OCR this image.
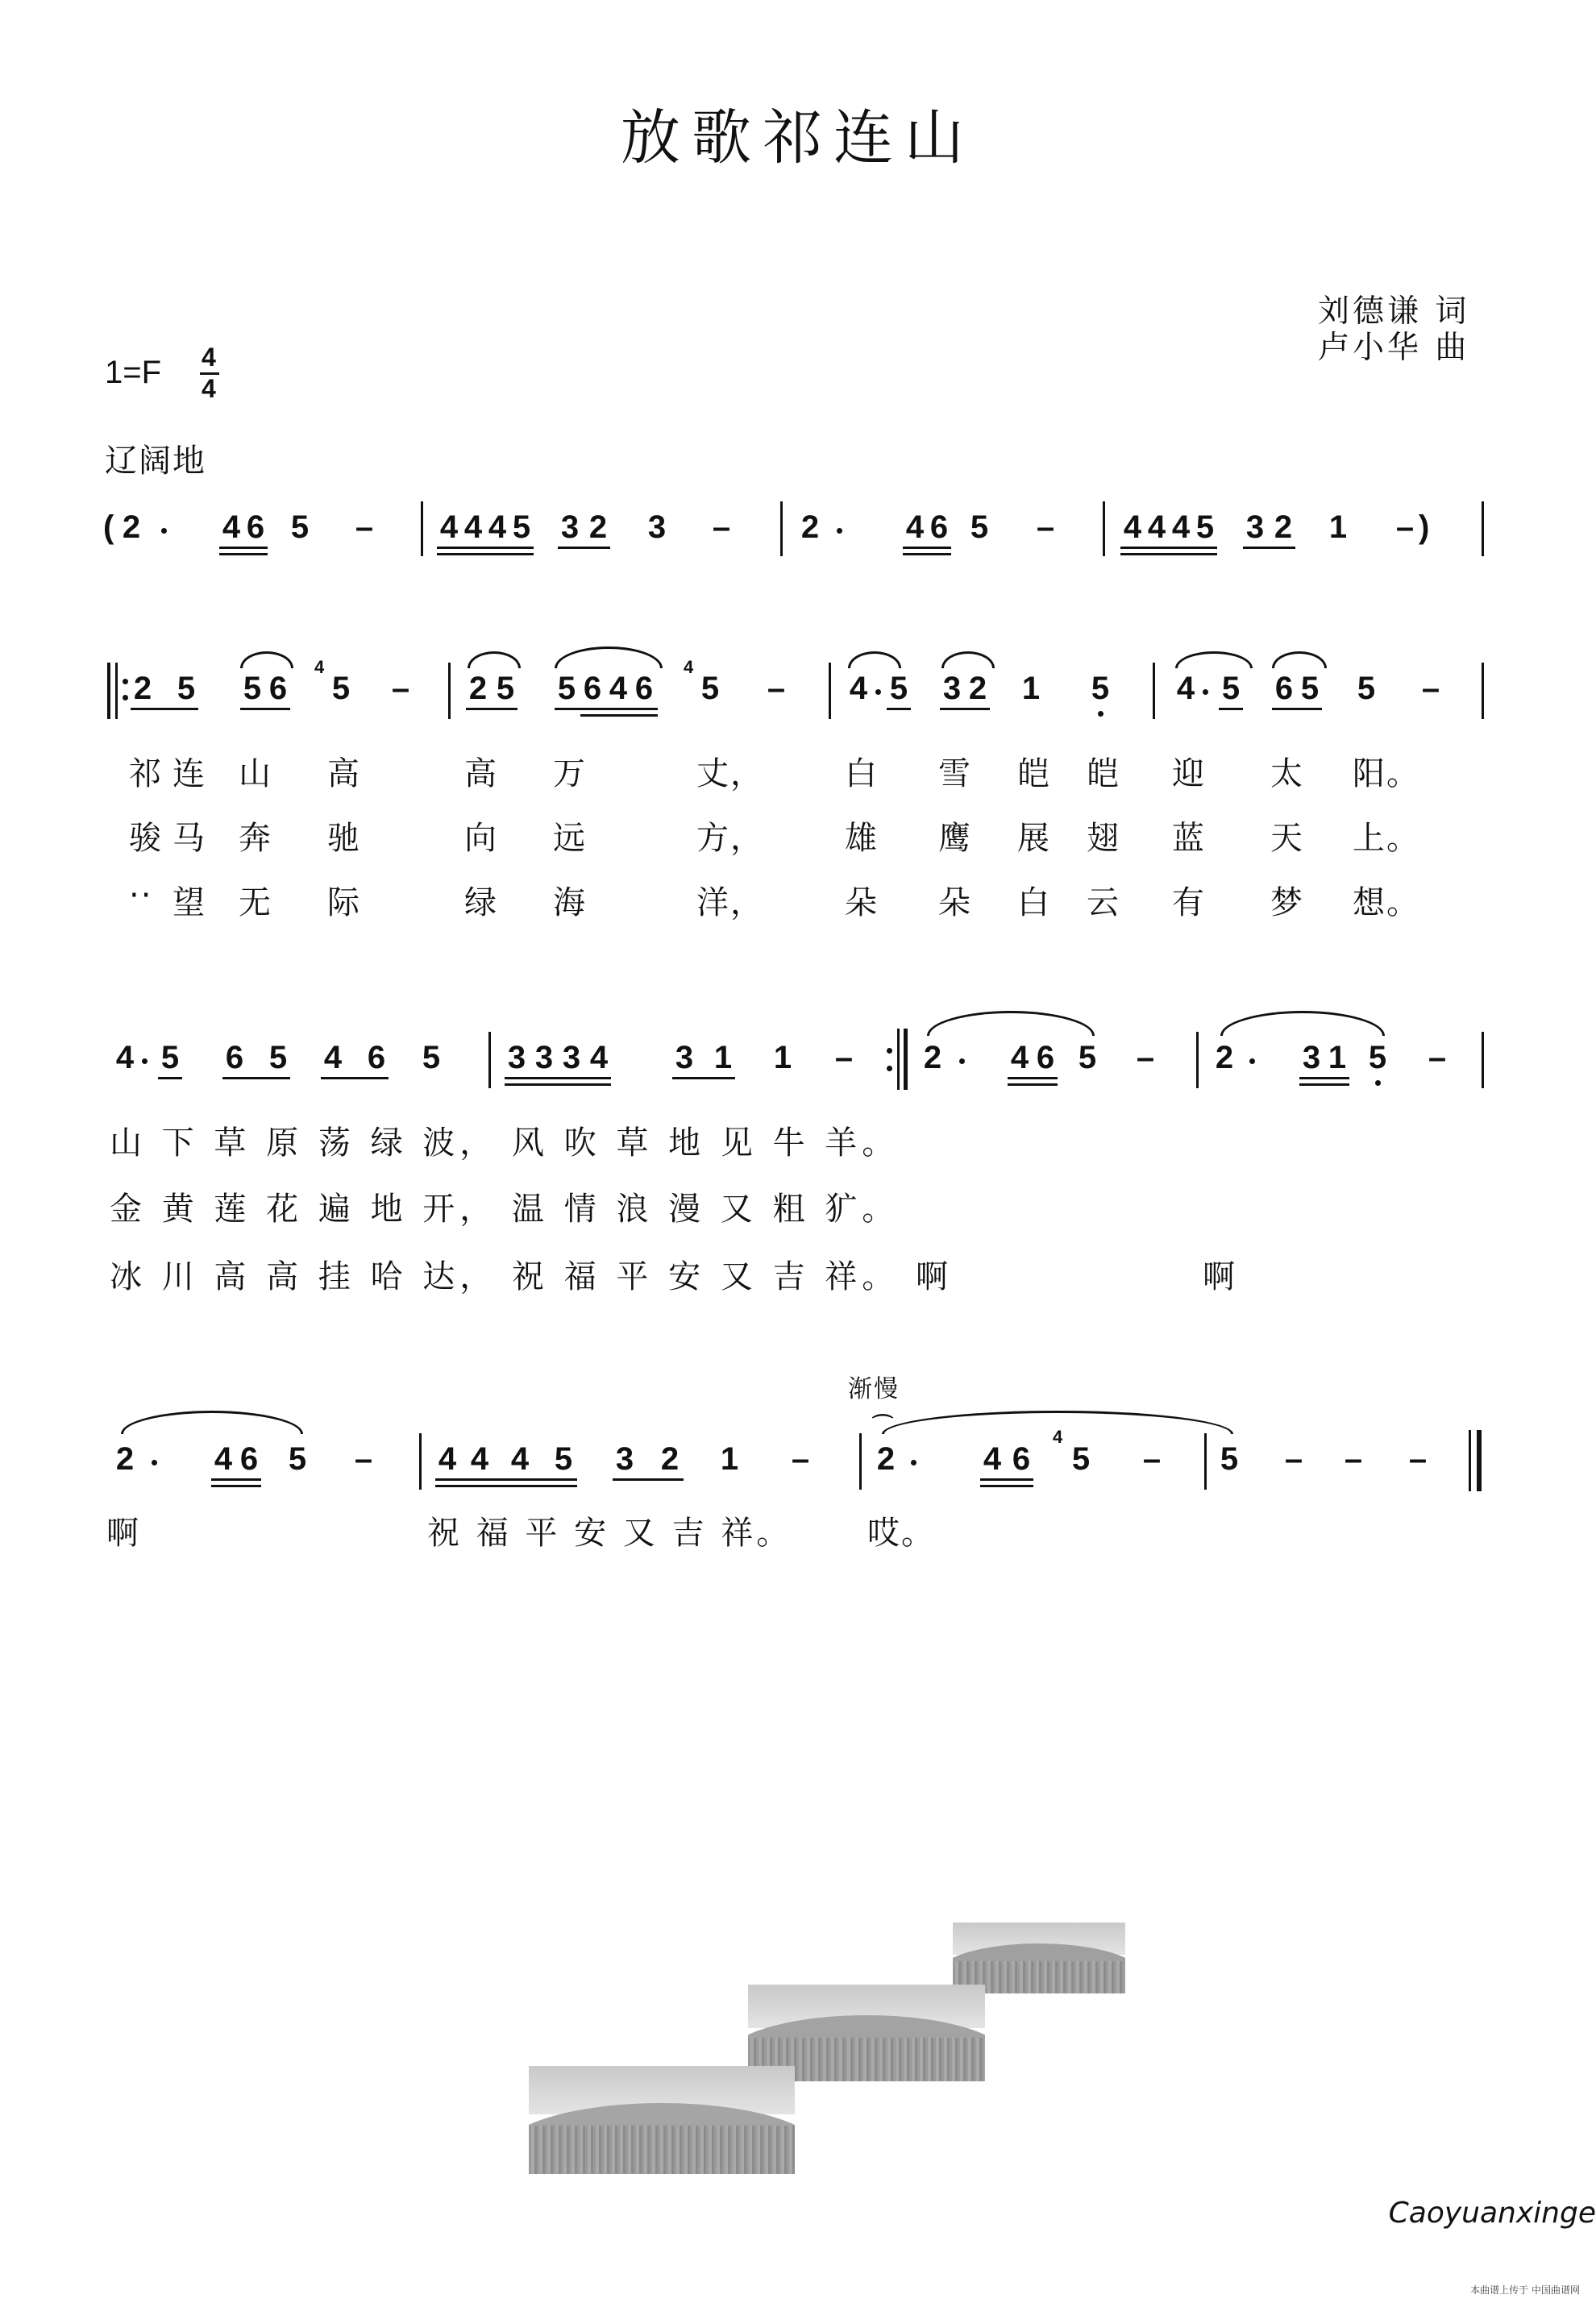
放歌祁连山
刘德谦 词
卢小华 曲
1=F 4
4
辽阔地
( 2	4 6 5 – 4 4 4 5 3 2 3 – 2	4 6 5 – 4 4 4 5 3 2 1 – )
2 5 5 6
4
5 – 2 5 5 6 4 6
4
5 – 4 5 3 2 1 5 4 5 6 5 5 –
祁 连 山 高	高 万	丈，	白 雪 皑 皑 迎 太 阳。
骏 马 奔 驰	向 远	方，	雄 鹰 展 翅 蓝 天 上。
·· 望 无 际	绿 海	洋，	朵 朵 白 云 有 梦 想。
4 5 6 5 4 6 5 3 3 3 4 3 1 1 – 2 4 6 5 – 2 3 1 5 –
山 下 草 原 荡 绿 波， 风 吹 草 地 见 牛 羊。
金 黄 莲 花 遍 地 开， 温 情 浪 漫 又 粗 犷。
冰 川 高 高 挂 哈 达， 祝 福 平 安 又 吉 祥。 啊	啊
渐慢
2 4 6 5 – 4 4 4 5 3 2 1 –
⌒
2	4 6
4
5 – 5 – – –
啊	祝 福 平 安 又 吉 祥。 哎。
Caoyuanxinge
本曲谱上传于 中国曲谱网
